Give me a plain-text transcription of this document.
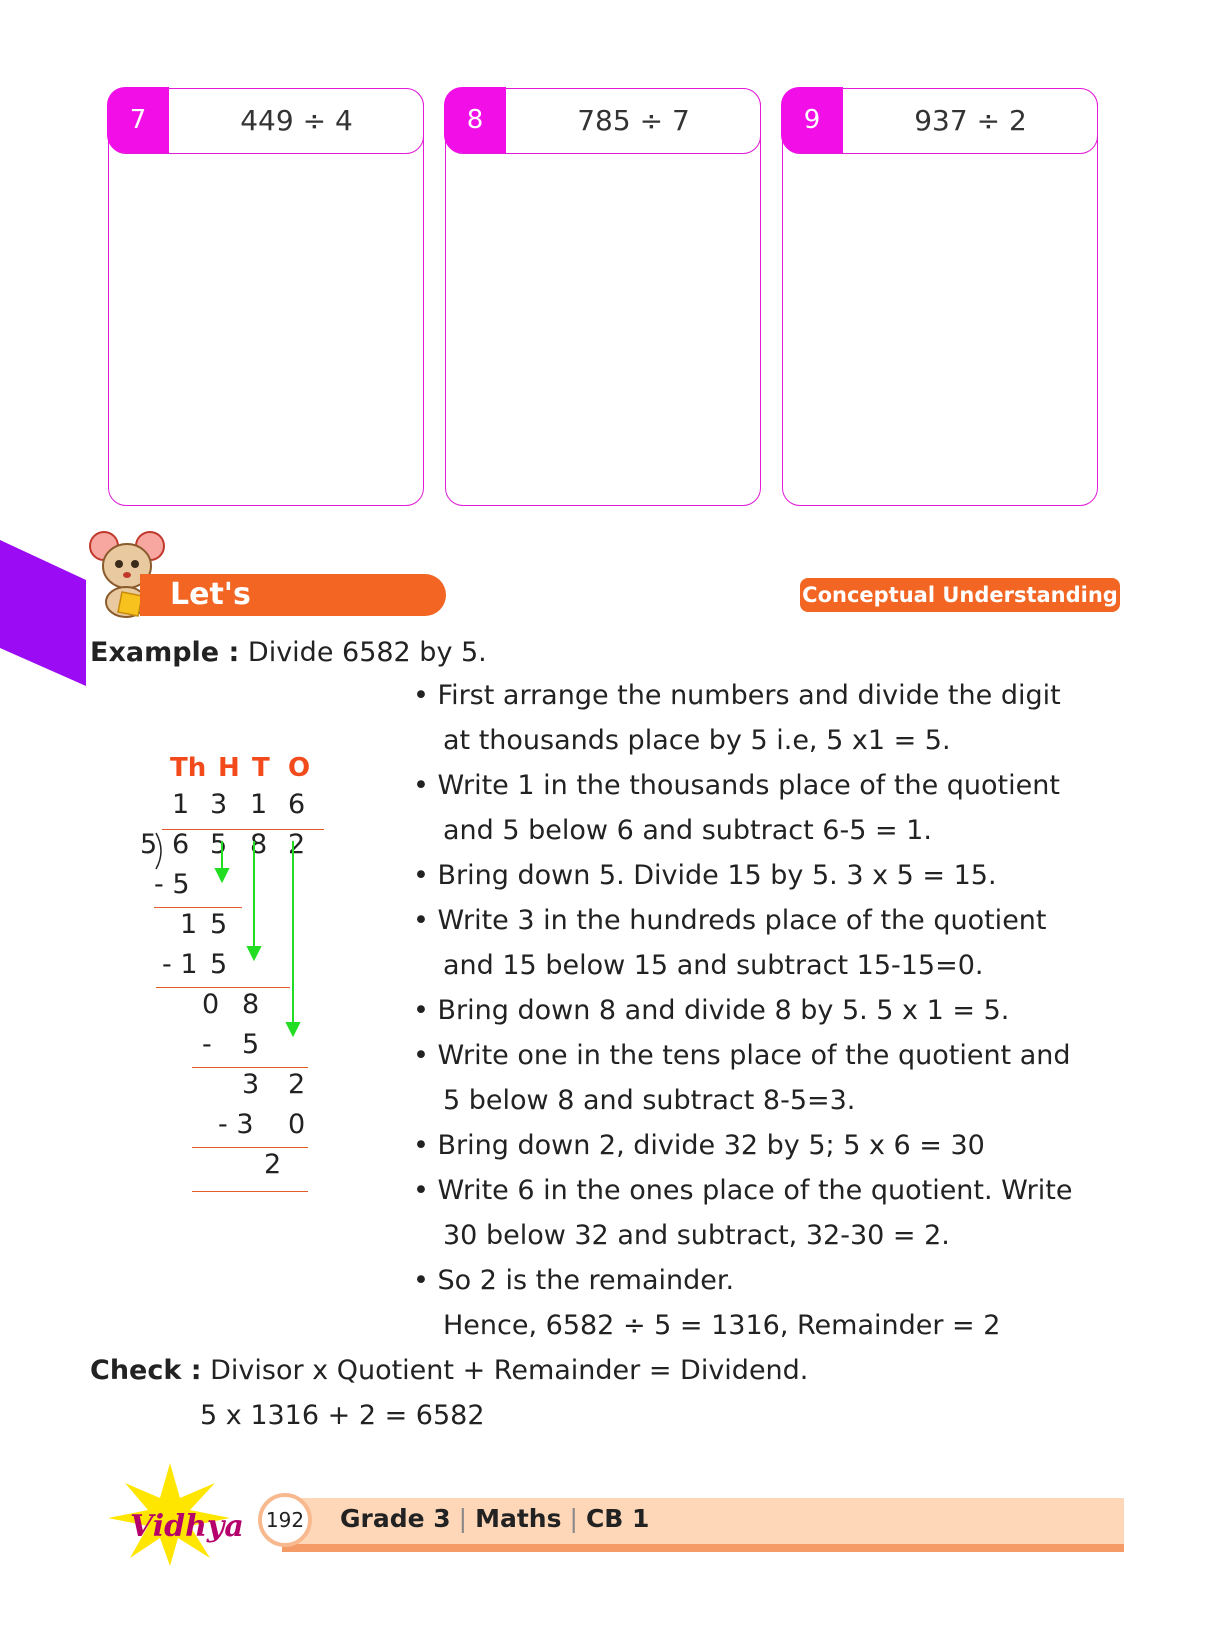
7	449 ÷ 4	8	785 ÷ 7	9	937 ÷ 2
Let's Understand
Conceptual Understanding
Example : Divide 6582 by 5.
Th H T O
1 3 1 6
5 6 5 8 2
- 5
1 5
- 1 5
0 8
- 5
3 2
- 3 0
2
• First arrange the numbers and divide the digit
at thousands place by 5 i.e, 5 x1 = 5.
• Write 1 in the thousands place of the quotient
and 5 below 6 and subtract 6-5 = 1.
• Bring down 5. Divide 15 by 5. 3 x 5 = 15.
• Write 3 in the hundreds place of the quotient
and 15 below 15 and subtract 15-15=0.
• Bring down 8 and divide 8 by 5. 5 x 1 = 5.
• Write one in the tens place of the quotient and
5 below 8 and subtract 8-5=3.
• Bring down 2, divide 32 by 5; 5 x 6 = 30
• Write 6 in the ones place of the quotient. Write
30 below 32 and subtract, 32-30 = 2.
• So 2 is the remainder.
Hence, 6582 ÷ 5 = 1316, Remainder = 2
Check : Divisor x Quotient + Remainder = Dividend.
5 x 1316 + 2 = 6582
Vidhya	192	Grade 3 | Maths | CB 1
